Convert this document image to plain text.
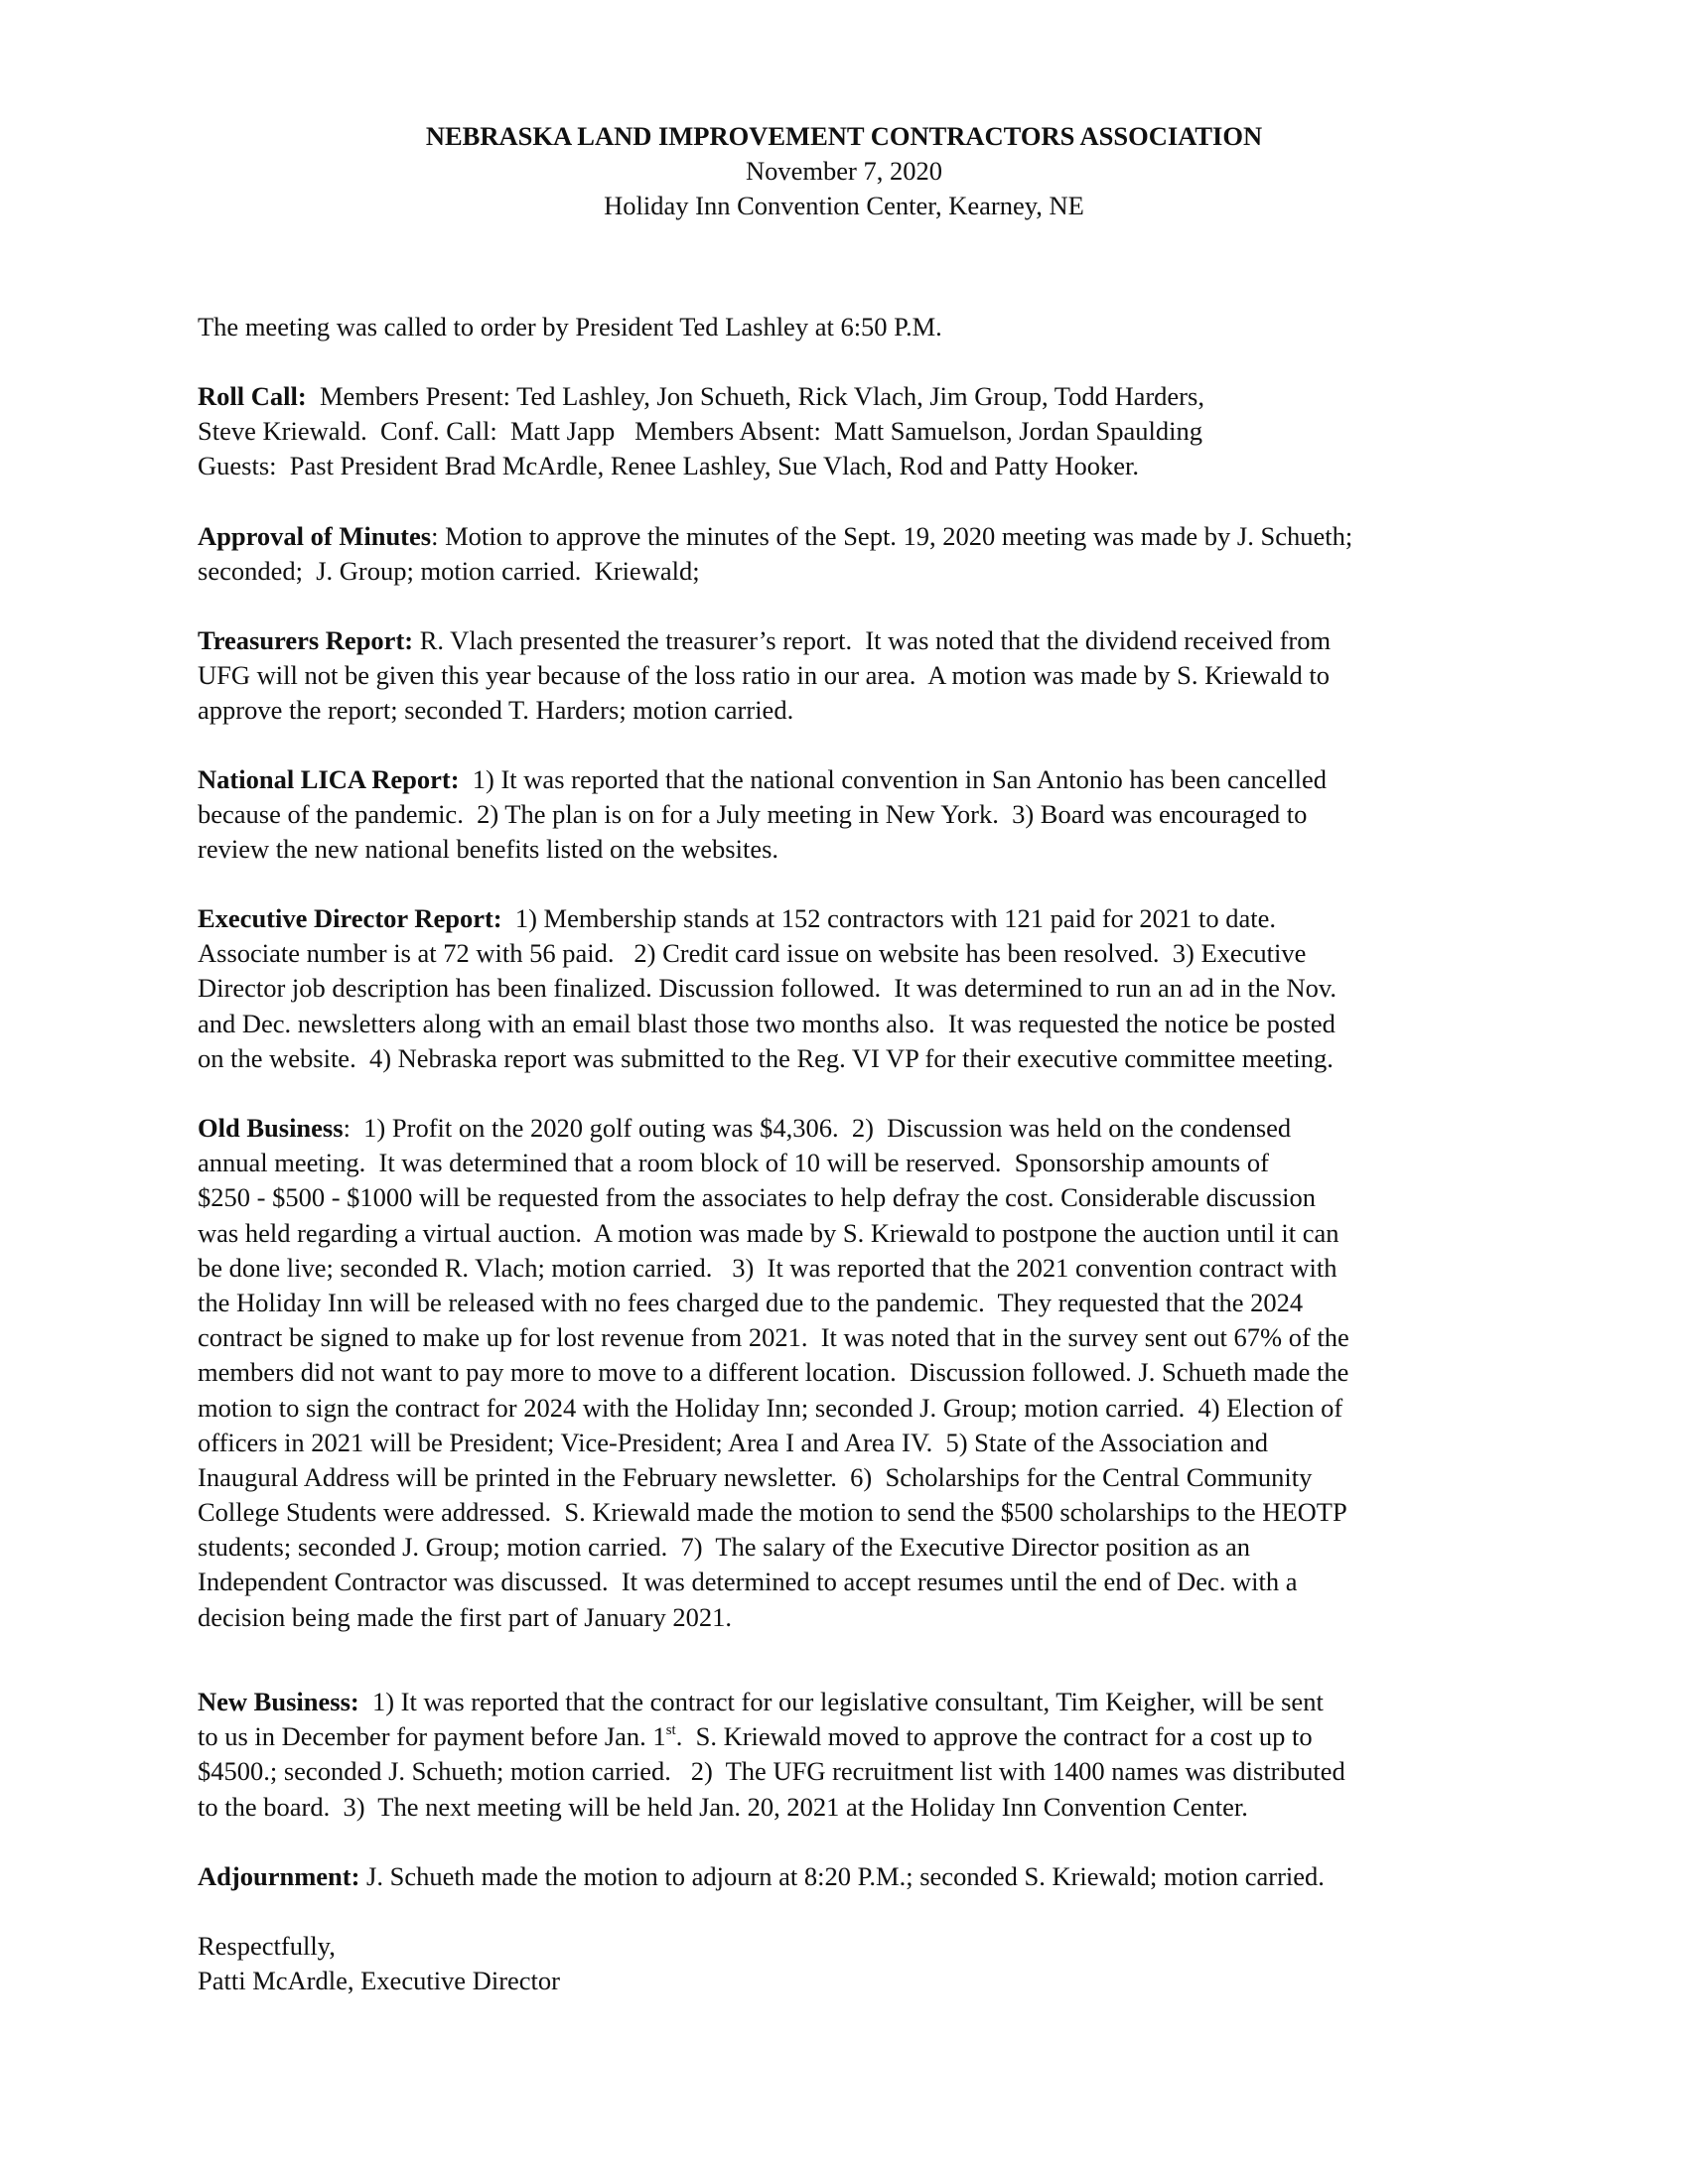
NEBRASKA LAND IMPROVEMENT CONTRACTORS ASSOCIATION
November 7, 2020
Holiday Inn Convention Center, Kearney, NE
The meeting was called to order by President Ted Lashley at 6:50 P.M.
Roll Call:  Members Present: Ted Lashley, Jon Schueth, Rick Vlach, Jim Group, Todd Harders,
Steve Kriewald.  Conf. Call:  Matt Japp   Members Absent:  Matt Samuelson, Jordan Spaulding
Guests:  Past President Brad McArdle, Renee Lashley, Sue Vlach, Rod and Patty Hooker.
Approval of Minutes: Motion to approve the minutes of the Sept. 19, 2020 meeting was made by J. Schueth;
seconded;  J. Group; motion carried.  Kriewald;
Treasurers Report: R. Vlach presented the treasurer’s report.  It was noted that the dividend received from
UFG will not be given this year because of the loss ratio in our area.  A motion was made by S. Kriewald to
approve the report; seconded T. Harders; motion carried.
National LICA Report:  1) It was reported that the national convention in San Antonio has been cancelled
because of the pandemic.  2) The plan is on for a July meeting in New York.  3) Board was encouraged to
review the new national benefits listed on the websites.
Executive Director Report:  1) Membership stands at 152 contractors with 121 paid for 2021 to date.
Associate number is at 72 with 56 paid.   2) Credit card issue on website has been resolved.  3) Executive
Director job description has been finalized. Discussion followed.  It was determined to run an ad in the Nov.
and Dec. newsletters along with an email blast those two months also.  It was requested the notice be posted
on the website.  4) Nebraska report was submitted to the Reg. VI VP for their executive committee meeting.
Old Business:  1) Profit on the 2020 golf outing was $4,306.  2)  Discussion was held on the condensed
annual meeting.  It was determined that a room block of 10 will be reserved.  Sponsorship amounts of
$250 - $500 - $1000 will be requested from the associates to help defray the cost. Considerable discussion
was held regarding a virtual auction.  A motion was made by S. Kriewald to postpone the auction until it can
be done live; seconded R. Vlach; motion carried.   3)  It was reported that the 2021 convention contract with
the Holiday Inn will be released with no fees charged due to the pandemic.  They requested that the 2024
contract be signed to make up for lost revenue from 2021.  It was noted that in the survey sent out 67% of the
members did not want to pay more to move to a different location.  Discussion followed. J. Schueth made the
motion to sign the contract for 2024 with the Holiday Inn; seconded J. Group; motion carried.  4) Election of
officers in 2021 will be President; Vice-President; Area I and Area IV.  5) State of the Association and
Inaugural Address will be printed in the February newsletter.  6)  Scholarships for the Central Community
College Students were addressed.  S. Kriewald made the motion to send the $500 scholarships to the HEOTP
students; seconded J. Group; motion carried.  7)  The salary of the Executive Director position as an
Independent Contractor was discussed.  It was determined to accept resumes until the end of Dec. with a
decision being made the first part of January 2021.
New Business:  1) It was reported that the contract for our legislative consultant, Tim Keigher, will be sent
to us in December for payment before Jan. 1st.  S. Kriewald moved to approve the contract for a cost up to
$4500.; seconded J. Schueth; motion carried.   2)  The UFG recruitment list with 1400 names was distributed
to the board.  3)  The next meeting will be held Jan. 20, 2021 at the Holiday Inn Convention Center.
Adjournment: J. Schueth made the motion to adjourn at 8:20 P.M.; seconded S. Kriewald; motion carried.
Respectfully,
Patti McArdle, Executive Director
